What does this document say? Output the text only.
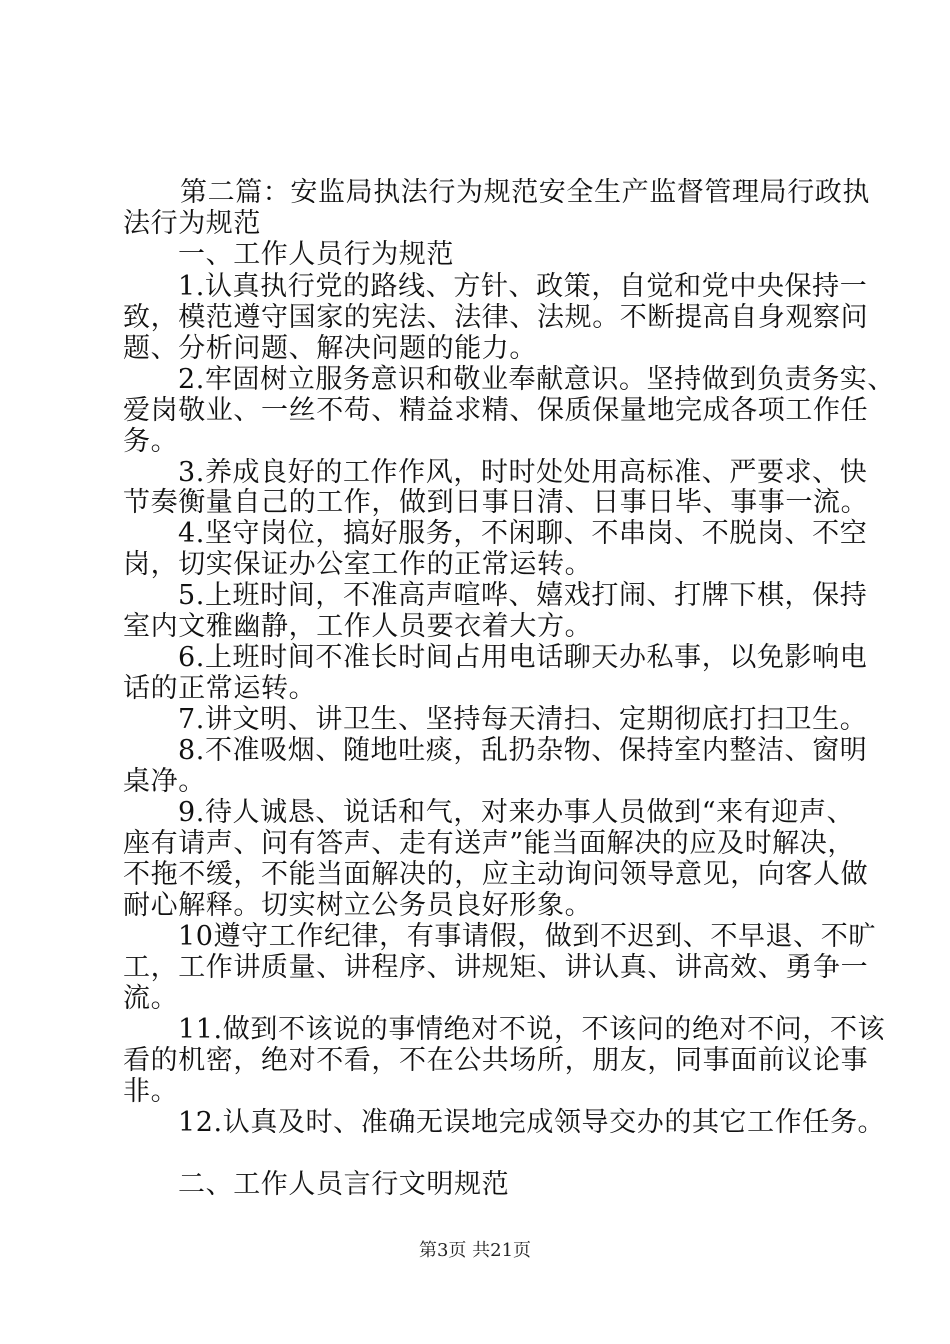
第二篇：安监局执法行为规范安全生产监督管理局行政执
法行为规范
一、工作人员行为规范
1.认真执行党的路线、方针、政策，自觉和党中央保持一
致，模范遵守国家的宪法、法律、法规。不断提高自身观察问
题、分析问题、解决问题的能力。
2.牢固树立服务意识和敬业奉献意识。坚持做到负责务实、
爱岗敬业、一丝不苟、精益求精、保质保量地完成各项工作任
务。
3.养成良好的工作作风，时时处处用高标准、严要求、快
节奏衡量自己的工作，做到日事日清、日事日毕、事事一流。
4.坚守岗位，搞好服务，不闲聊、不串岗、不脱岗、不空
岗，切实保证办公室工作的正常运转。
5.上班时间，不准高声喧哗、嬉戏打闹、打牌下棋，保持
室内文雅幽静，工作人员要衣着大方。
6.上班时间不准长时间占用电话聊天办私事，以免影响电
话的正常运转。
7.讲文明、讲卫生、坚持每天清扫、定期彻底打扫卫生。
8.不准吸烟、随地吐痰，乱扔杂物、保持室内整洁、窗明
桌净。
9.待人诚恳、说话和气，对来办事人员做到“来有迎声、
座有请声、问有答声、走有送声”能当面解决的应及时解决，
不拖不缓，不能当面解决的，应主动询问领导意见，向客人做
耐心解释。切实树立公务员良好形象。
10遵守工作纪律，有事请假，做到不迟到、不早退、不旷
工，工作讲质量、讲程序、讲规矩、讲认真、讲高效、勇争一
流。
11.做到不该说的事情绝对不说，不该问的绝对不问，不该
看的机密，绝对不看，不在公共场所，朋友，同事面前议论事
非。
12.认真及时、准确无误地完成领导交办的其它工作任务。
二、工作人员言行文明规范
第3页 共21页
